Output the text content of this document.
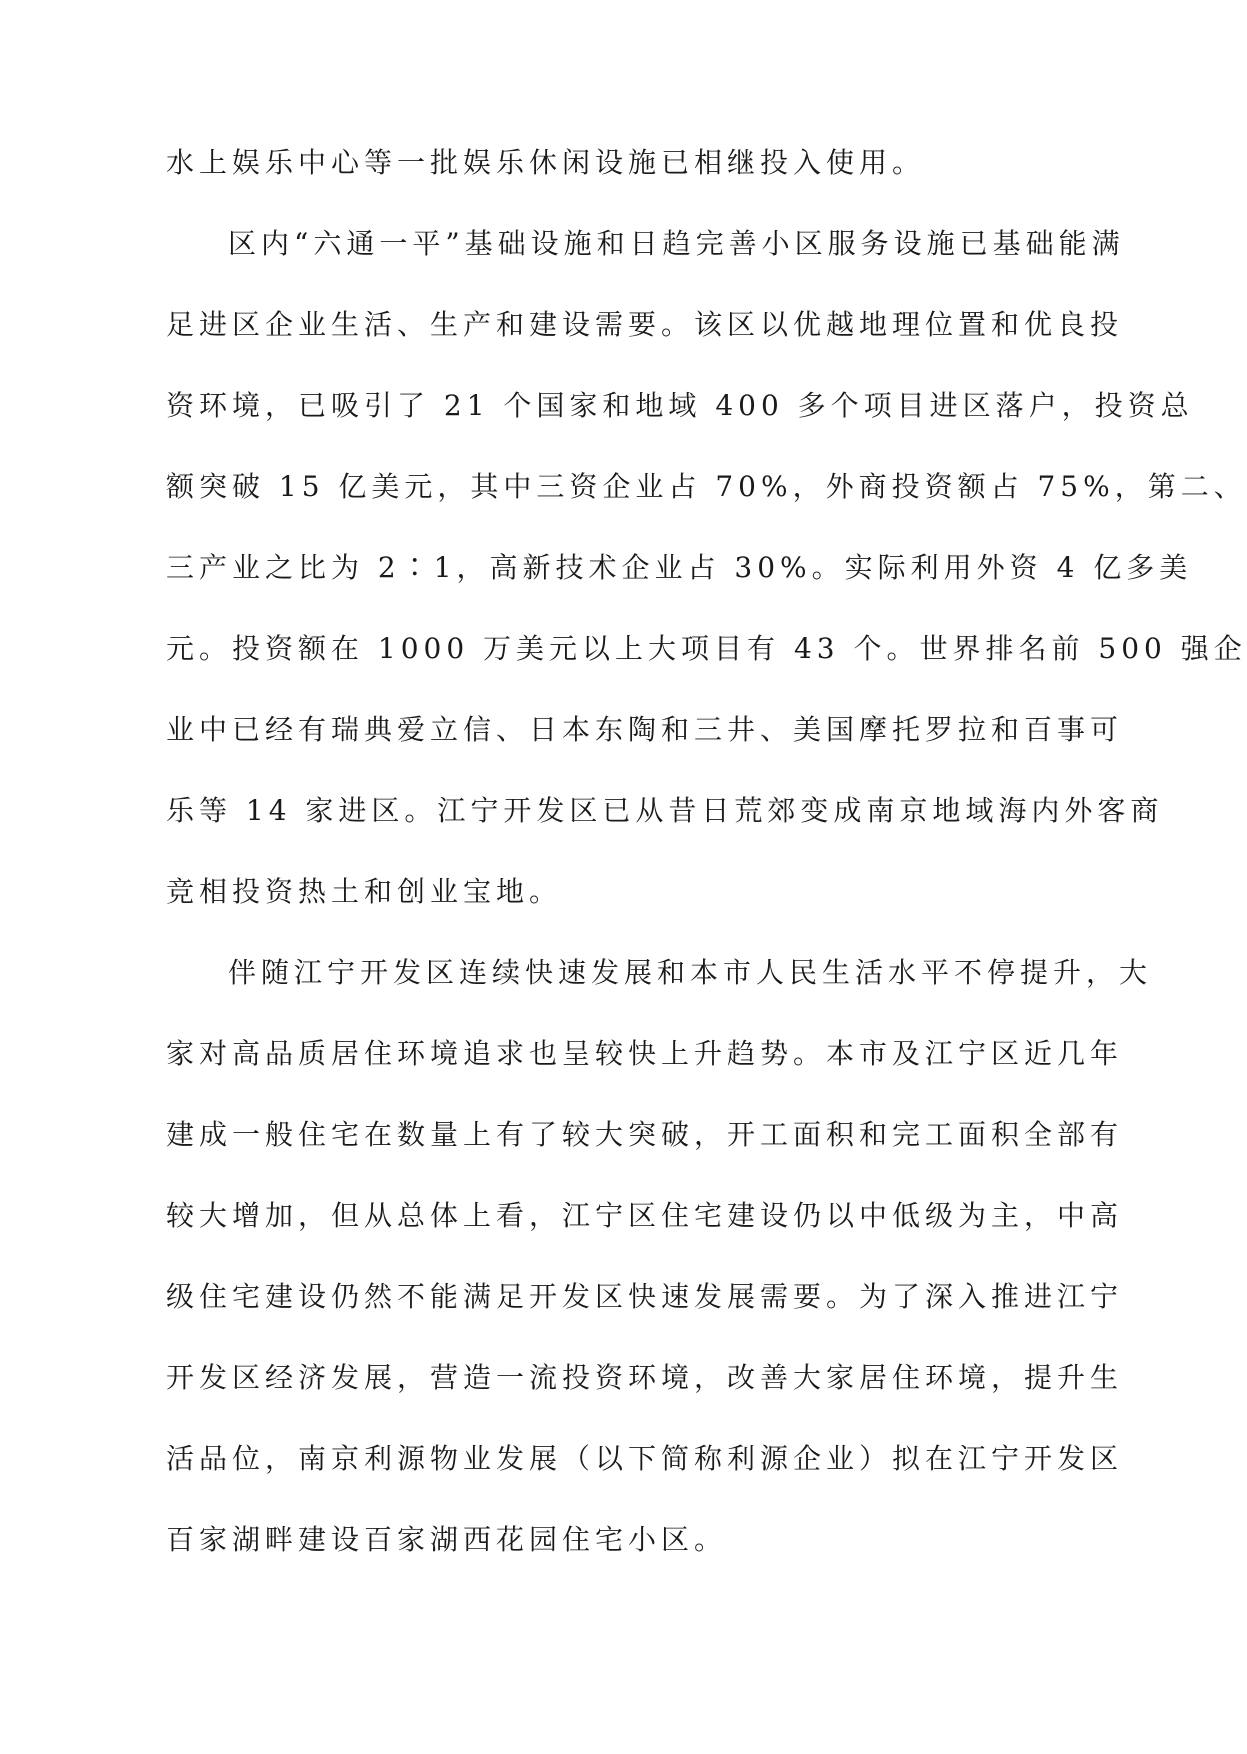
水上娱乐中心等一批娱乐休闲设施已相继投入使用。
区内“六通一平”基础设施和日趋完善小区服务设施已基础能满
足进区企业生活、生产和建设需要。该区以优越地理位置和优良投
资环境，已吸引了 21 个国家和地域 400 多个项目进区落户，投资总
额突破 15 亿美元，其中三资企业占 70%，外商投资额占 75%，第二、
三产业之比为 2∶1，高新技术企业占 30%。实际利用外资 4 亿多美
元。投资额在 1000 万美元以上大项目有 43 个。世界排名前 500 强企
业中已经有瑞典爱立信、日本东陶和三井、美国摩托罗拉和百事可
乐等 14 家进区。江宁开发区已从昔日荒郊变成南京地域海内外客商
竞相投资热土和创业宝地。
伴随江宁开发区连续快速发展和本市人民生活水平不停提升，大
家对高品质居住环境追求也呈较快上升趋势。本市及江宁区近几年
建成一般住宅在数量上有了较大突破，开工面积和完工面积全部有
较大增加，但从总体上看，江宁区住宅建设仍以中低级为主，中高
级住宅建设仍然不能满足开发区快速发展需要。为了深入推进江宁
开发区经济发展，营造一流投资环境，改善大家居住环境，提升生
活品位，南京利源物业发展（以下简称利源企业）拟在江宁开发区
百家湖畔建设百家湖西花园住宅小区。
